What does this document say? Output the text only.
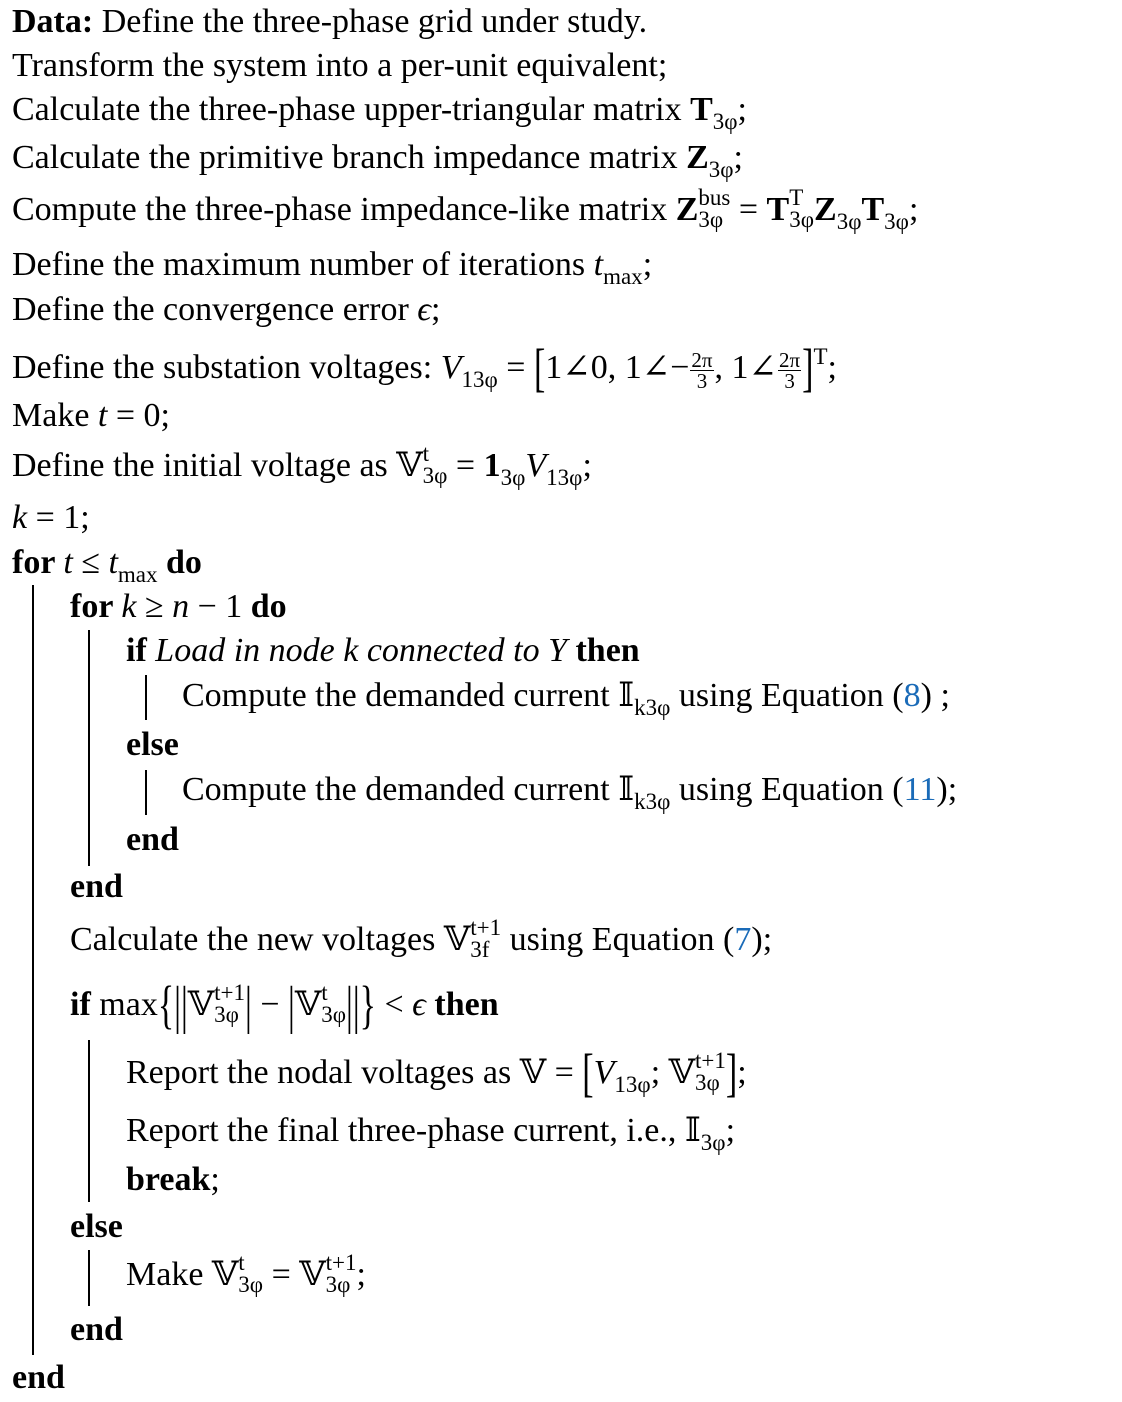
Data: Define the three-phase grid under study.
Transform the system into a per-unit equivalent;
Calculate the three-phase upper-triangular matrix $T_{3\varphi}$;
Calculate the primitive branch impedance matrix $Z_{3\varphi}$;
Compute the three-phase impedance-like matrix Z bus
3φ = T T
3φ $Z_{3\varphi}T_{3\varphi}$;
Define the maximum number of iterations $t_{max}$;
Define the convergence error ϵ;
Define the substation voltages: $V_{13\varphi}$ = [1∠0, 1∠− $\frac{2\pi}{3}$ , 1∠ $\frac{2\pi}{3} ]^T$;
Make t = 0;
Define the initial voltage as 𝕍 t
$3\varphi = 1_{3\varphi}V_{13\varphi}$;
k = 1;
for $t \le t_{max}$ do
for k ≥ n − 1 do
if Load in node k connected to Y then
Compute the demanded current 𝕀$_{k3\varphi}$ using Equation (8) ;
else
Compute the demanded current 𝕀$_{k3\varphi}$ using Equation (11);
end
end
Calculate the new voltages 𝕍 t+1
3f using Equation (7);
if max{||𝕍 t+1
3φ | − |𝕍 t
3φ ||} < ϵ then
Report the nodal voltages as 𝕍 = [$V_{13\varphi}$; 𝕍 t+1
3φ ];
Report the final three-phase current, i.e., 𝕀$_{3\varphi}$;
break;
else
Make 𝕍 t
3φ = 𝕍 t+1
3φ ;
end
end
